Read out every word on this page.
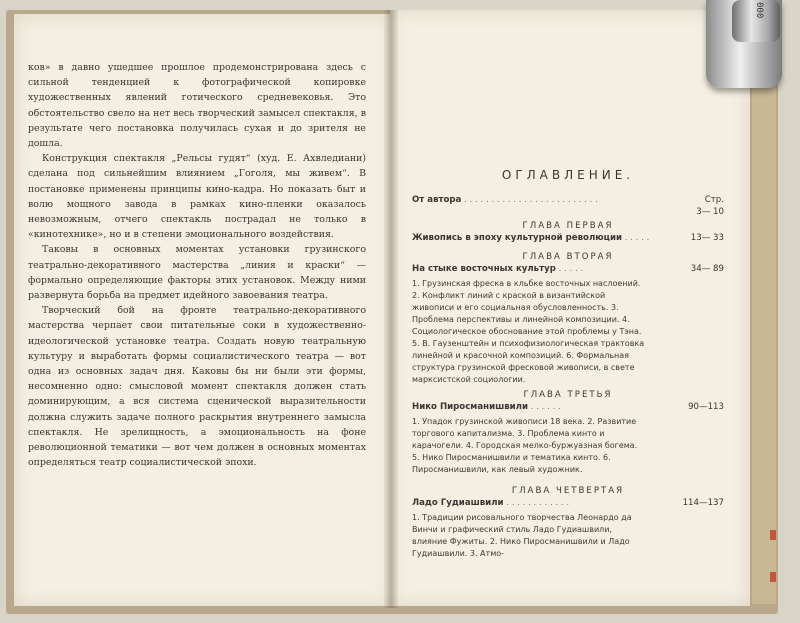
ков» в давно ушедшее прошлое продемонстрирована здесь с сильной тенденцией к фотографической копировке художественных явлений готического средневековья. Это обстоятельство свело на нет весь творческий замысел спектакля, в результате чего постановка получилась сухая и до зрителя не дошла.

Конструкция спектакля „Рельсы гудят“ (худ. Е. Ахвледиани) сделана под сильнейшим влиянием „Гоголя, мы живем“. В постановке применены принципы кино-кадра. Но показать быт и волю мощного завода в рамках кино-пленки оказалось невозможным, отчего спектакль пострадал не только в «кинотехнике», но и в степени эмоционального воздействия.

Таковы в основных моментах установки грузинского театрально-декоративного мастерства „линия и краски“ — формально определяющие факторы этих установок. Между ними развернута борьба на предмет идейного завоевания театра.

Творческий бой на фронте театрально-декоративного мастерства черпает свои питательные соки в художественно-идеологической установке театра. Создать новую театральную культуру и выработать формы социалистического театра — вот одна из основных задач дня. Каковы бы ни были эти формы, несомненно одно: смысловой момент спектакля должен стать доминирующим, а вся система сценической выразительности должна служить задаче полного раскрытия внутреннего замысла спектакля. Не зрелищность, а эмоциональность на фоне революционной тематики — вот чем должен в основных моментах определяться театр социалистической эпохи.

ОГЛАВЛЕНИЕ.
От автора . . . . . . . . . . . . . . . . . . . . . . . . .	Стр.
3— 10
ГЛАВА ПЕРВАЯ
Живопись в эпоху культурной революции . . . . .	13— 33
ГЛАВА ВТОРАЯ
На стыке восточных культур . . . . .	34— 89
1. Грузинская фреска в кльбке восточных наслоений. 2. Конфликт линий с краской в византийской живописи и его социальная обусловленность. 3. Проблема перспективы и линейной композиции. 4. Социологическое обоснование этой проблемы у Тэна. 5. В. Гаузенштейн и психофизиологическая трактовка линейной и красочной композиций. 6. Формальная структура грузинской фресковой живописи, в свете марксистской социологии.
ГЛАВА ТРЕТЬЯ
Нико Пиросманишвили . . . . . .	90—113
1. Упадок грузинской живописи 18 века. 2. Развитие торгового капитализма. 3. Проблема кинто и карачогели. 4. Городская мелко-буржуазная богема. 5. Нико Пиросманишвили и тематика кинто. 6. Пиросманишвили, как левый художник.
ГЛАВА ЧЕТВЕРТАЯ
Ладо Гудиашвили . . . . . . . . . . . .	114—137
1. Традиции рисовального творчества Леонардо да Винчи и графический стиль Ладо Гудиашвили, влияние Фужиты. 2. Нико Пиросманишвили и Ладо Гудиашвили. 3. Атмо-
000
